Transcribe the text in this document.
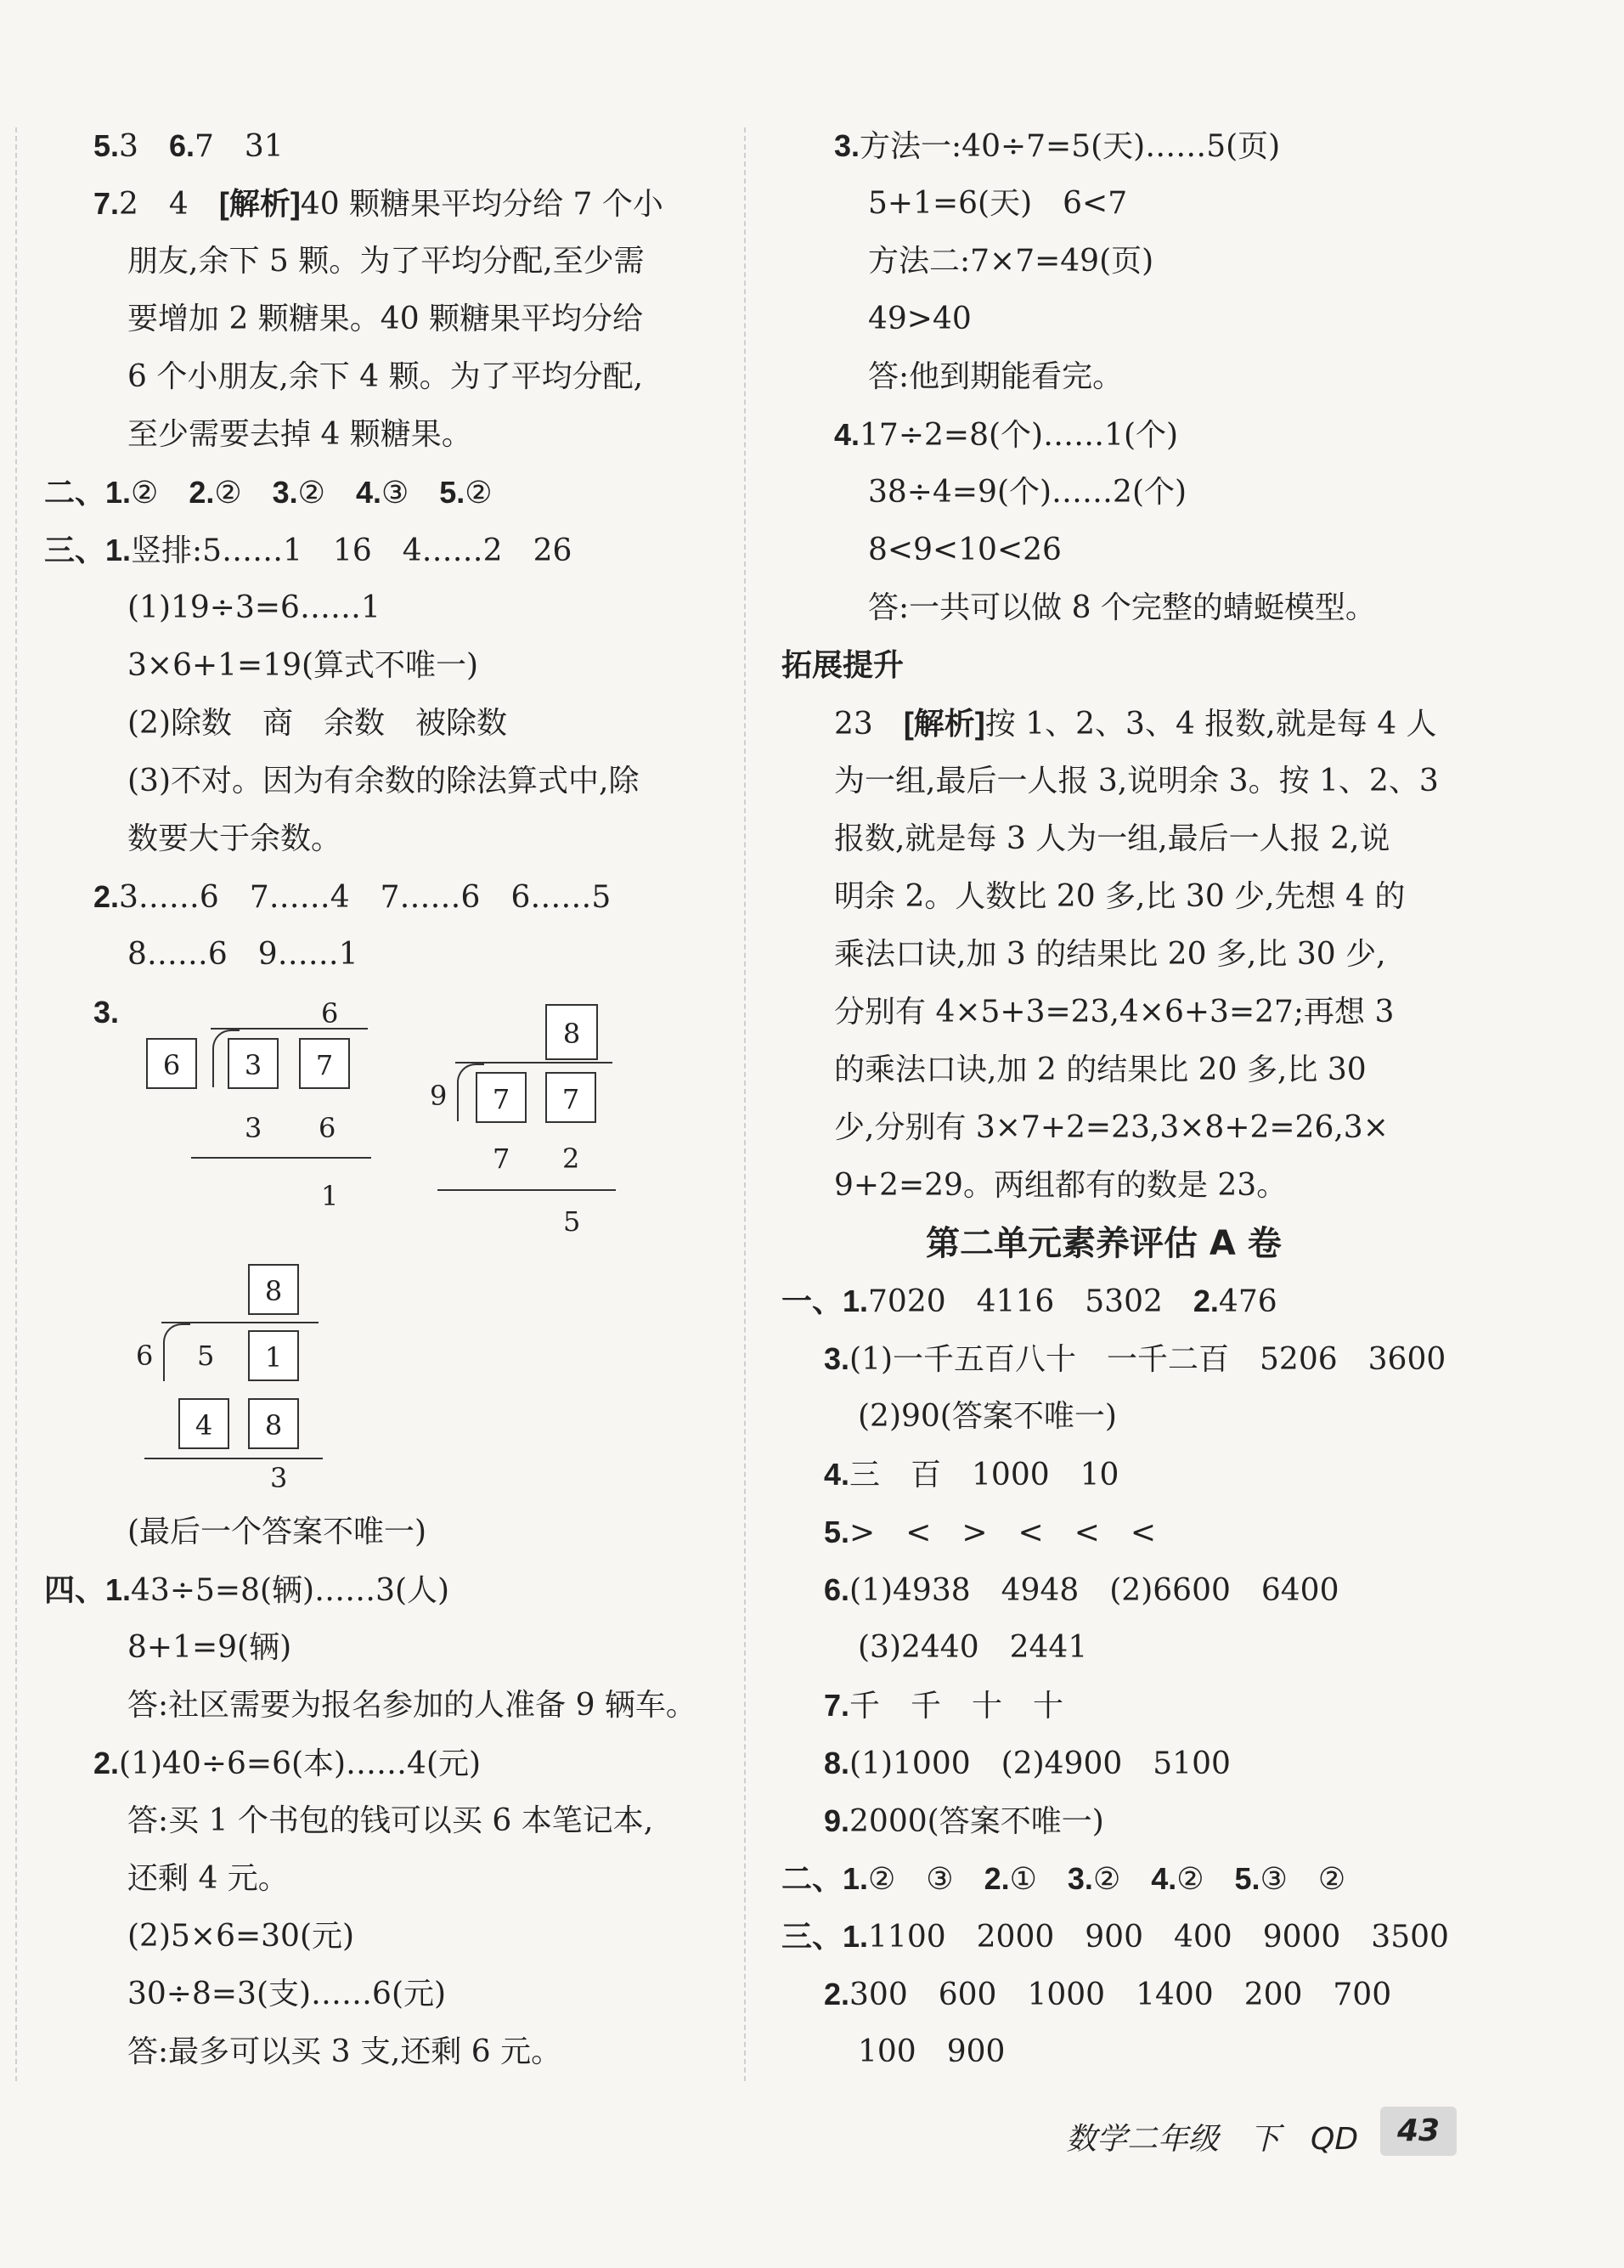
5.3　 6.7　31
7.2　4　[解析]40 颗糖果平均分给 7 个小
朋友,余下 5 颗。为了平均分配,至少需
要增加 2 颗糖果。40 颗糖果平均分给
6 个小朋友,余下 4 颗。为了平均分配,
至少需要去掉 4 颗糖果。
二、1.②　2.②　3.②　4.③　5.②
三、1.竖排:5……1　16　4……2　26
(1)19÷3=6……1
3×6+1=19(算式不唯一)
(2)除数　商　余数　被除数
(3)不对。因为有余数的除法算式中,除
数要大于余数。
2.3……6　7……4　7……6　6……5
8……6　9……1
3.	6
6	3	7
3 6
1
8
9	7	7
7 2
5
8
6 5	1
4	8
3
(最后一个答案不唯一)
四、1.43÷5=8(辆)……3(人)
8+1=9(辆)
答:社区需要为报名参加的人准备 9 辆车。
2.(1)40÷6=6(本)……4(元)
答:买 1 个书包的钱可以买 6 本笔记本,
还剩 4 元。
(2)5×6=30(元)
30÷8=3(支)……6(元)
答:最多可以买 3 支,还剩 6 元。
3.方法一:40÷7=5(天)……5(页)
5+1=6(天)　6<7
方法二:7×7=49(页)
49>40
答:他到期能看完。
4.17÷2=8(个)……1(个)
38÷4=9(个)……2(个)
8<9<10<26
答:一共可以做 8 个完整的蜻蜓模型。
拓展提升
23　[解析]按 1、2、3、4 报数,就是每 4 人
为一组,最后一人报 3,说明余 3。按 1、2、3
报数,就是每 3 人为一组,最后一人报 2,说
明余 2。人数比 20 多,比 30 少,先想 4 的
乘法口诀,加 3 的结果比 20 多,比 30 少,
分别有 4×5+3=23,4×6+3=27;再想 3
的乘法口诀,加 2 的结果比 20 多,比 30
少,分别有 3×7+2=23,3×8+2=26,3×
9+2=29。两组都有的数是 23。
第二单元素养评估 A 卷
一、1.7020　4116　5302　2.476
3.(1)一千五百八十　一千二百　5206　3600
(2)90(答案不唯一)
4.三　百　1000　10
5.>　<　>　<　<　<
6.(1)4938　4948　(2)6600　6400
(3)2440　2441
7.千　千　十　十
8.(1)1000　(2)4900　5100
9.2000(答案不唯一)
二、1.②　③　2.①　3.②　4.②　5.③　②
三、1.1100　2000　900　400　9000　3500
2.300　600　1000　1400　200　700
100　900
数学二年级　下　QD	43
